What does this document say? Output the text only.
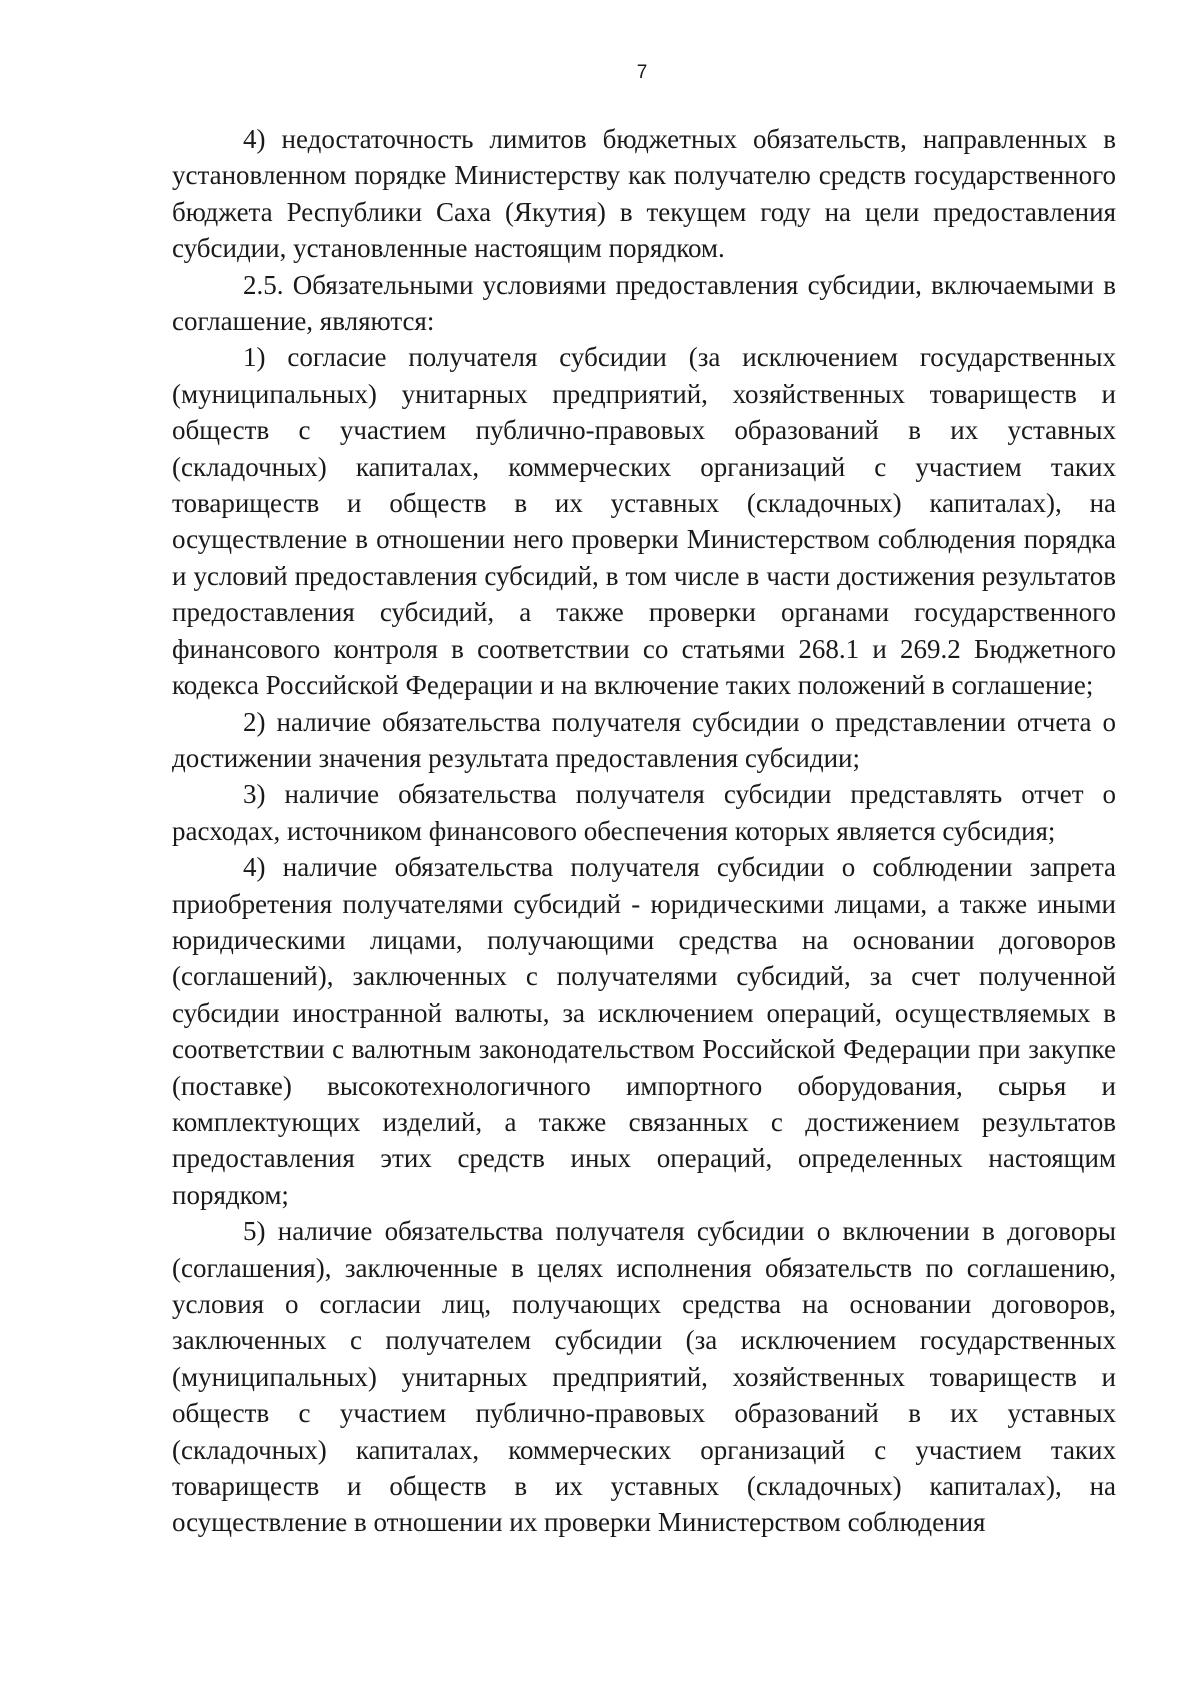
7

4) недостаточность лимитов бюджетных обязательств, направленных в установленном порядке Министерству как получателю средств государственного бюджета Республики Саха (Якутия) в текущем году на цели предоставления субсидии, установленные настоящим порядком.

2.5. Обязательными условиями предоставления субсидии, включаемыми в соглашение, являются:

1) согласие получателя субсидии (за исключением государственных (муниципальных) унитарных предприятий, хозяйственных товариществ и обществ с участием публично-правовых образований в их уставных (складочных) капиталах, коммерческих организаций с участием таких товариществ и обществ в их уставных (складочных) капиталах), на осуществление в отношении него проверки Министерством соблюдения порядка и условий предоставления субсидий, в том числе в части достижения результатов предоставления субсидий, а также проверки органами государственного финансового контроля в соответствии со статьями 268.1 и 269.2 Бюджетного кодекса Российской Федерации и на включение таких положений в соглашение;

2) наличие обязательства получателя субсидии о представлении отчета о достижении значения результата предоставления субсидии;

3) наличие обязательства получателя субсидии представлять отчет о расходах, источником финансового обеспечения которых является субсидия;

4) наличие обязательства получателя субсидии о соблюдении запрета приобретения получателями субсидий - юридическими лицами, а также иными юридическими лицами, получающими средства на основании договоров (соглашений), заключенных с получателями субсидий, за счет полученной субсидии иностранной валюты, за исключением операций, осуществляемых в соответствии с валютным законодательством Российской Федерации при закупке (поставке) высокотехнологичного импортного оборудования, сырья и комплектующих изделий, а также связанных с достижением результатов предоставления этих средств иных операций, определенных настоящим порядком;

5) наличие обязательства получателя субсидии о включении в договоры (соглашения), заключенные в целях исполнения обязательств по соглашению, условия о согласии лиц, получающих средства на основании договоров, заключенных с получателем субсидии (за исключением государственных (муниципальных) унитарных предприятий, хозяйственных товариществ и обществ с участием публично-правовых образований в их уставных (складочных) капиталах, коммерческих организаций с участием таких товариществ и обществ в их уставных (складочных) капиталах), на осуществление в отношении их проверки Министерством соблюдения
